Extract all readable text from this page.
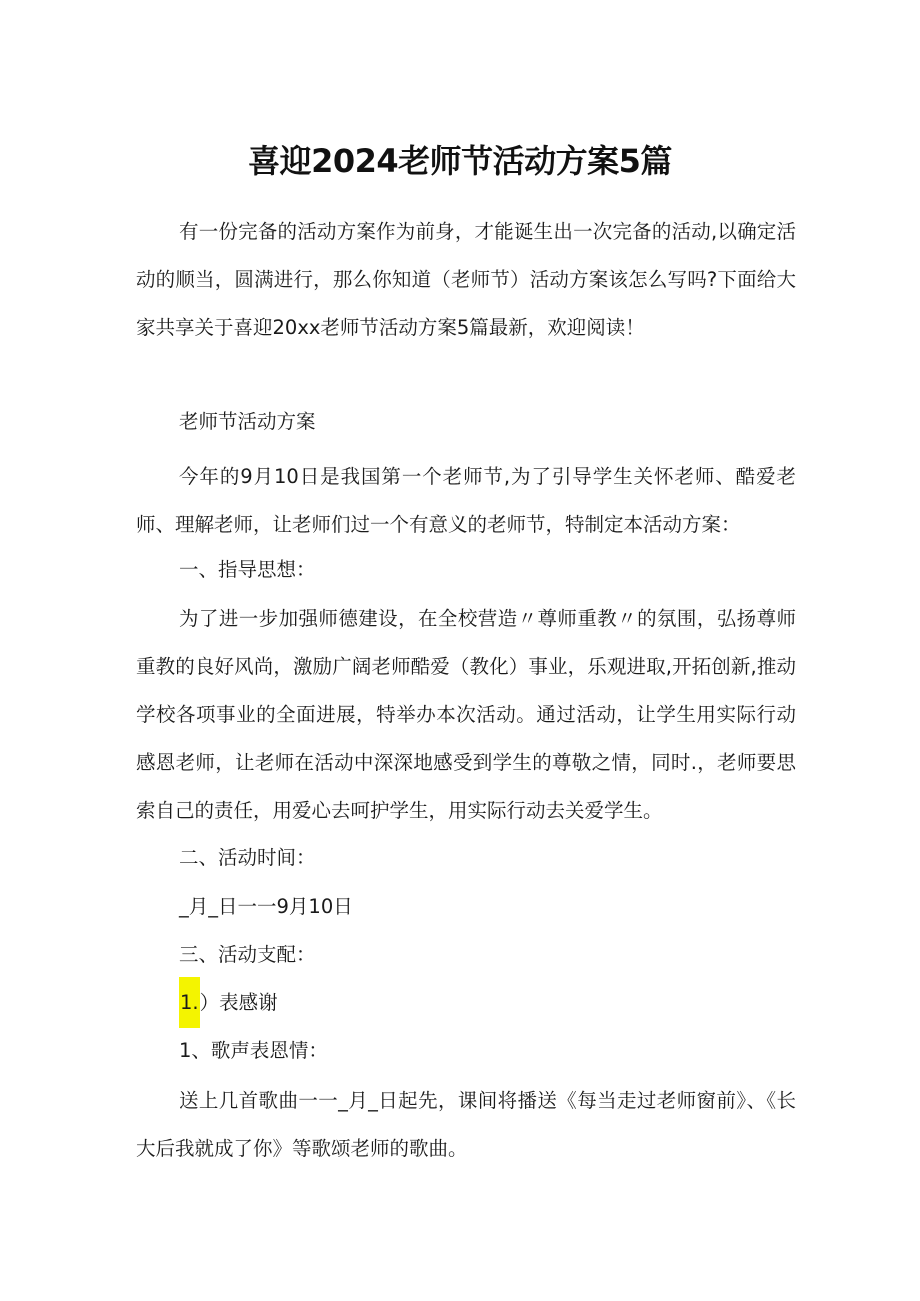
喜迎2024老师节活动方案5篇

有一份完备的活动方案作为前身，才能诞生出一次完备的活动,以确定活动的顺当，圆满进行，那么你知道（老师节）活动方案该怎么写吗?下面给大家共享关于喜迎20xx老师节活动方案5篇最新，欢迎阅读！

老师节活动方案

今年的9月10日是我国第一个老师节,为了引导学生关怀老师、酷爱老师、理解老师，让老师们过一个有意义的老师节，特制定本活动方案：

一、指导思想：

为了进一步加强师德建设，在全校营造〃尊师重教〃的氛围，弘扬尊师重教的良好风尚，激励广阔老师酷爱（教化）事业，乐观进取,开拓创新,推动学校各项事业的全面进展，特举办本次活动。通过活动，让学生用实际行动感恩老师，让老师在活动中深深地感受到学生的尊敬之情，同时.，老师要思索自己的责任，用爱心去呵护学生，用实际行动去关爱学生。

二、活动时间：
_月_日一一9月10日
三、活动支配：
1.）表感谢
1、歌声表恩情：

送上几首歌曲一一_月_日起先，课间将播送《每当走过老师窗前》、《长大后我就成了你》等歌颂老师的歌曲。
